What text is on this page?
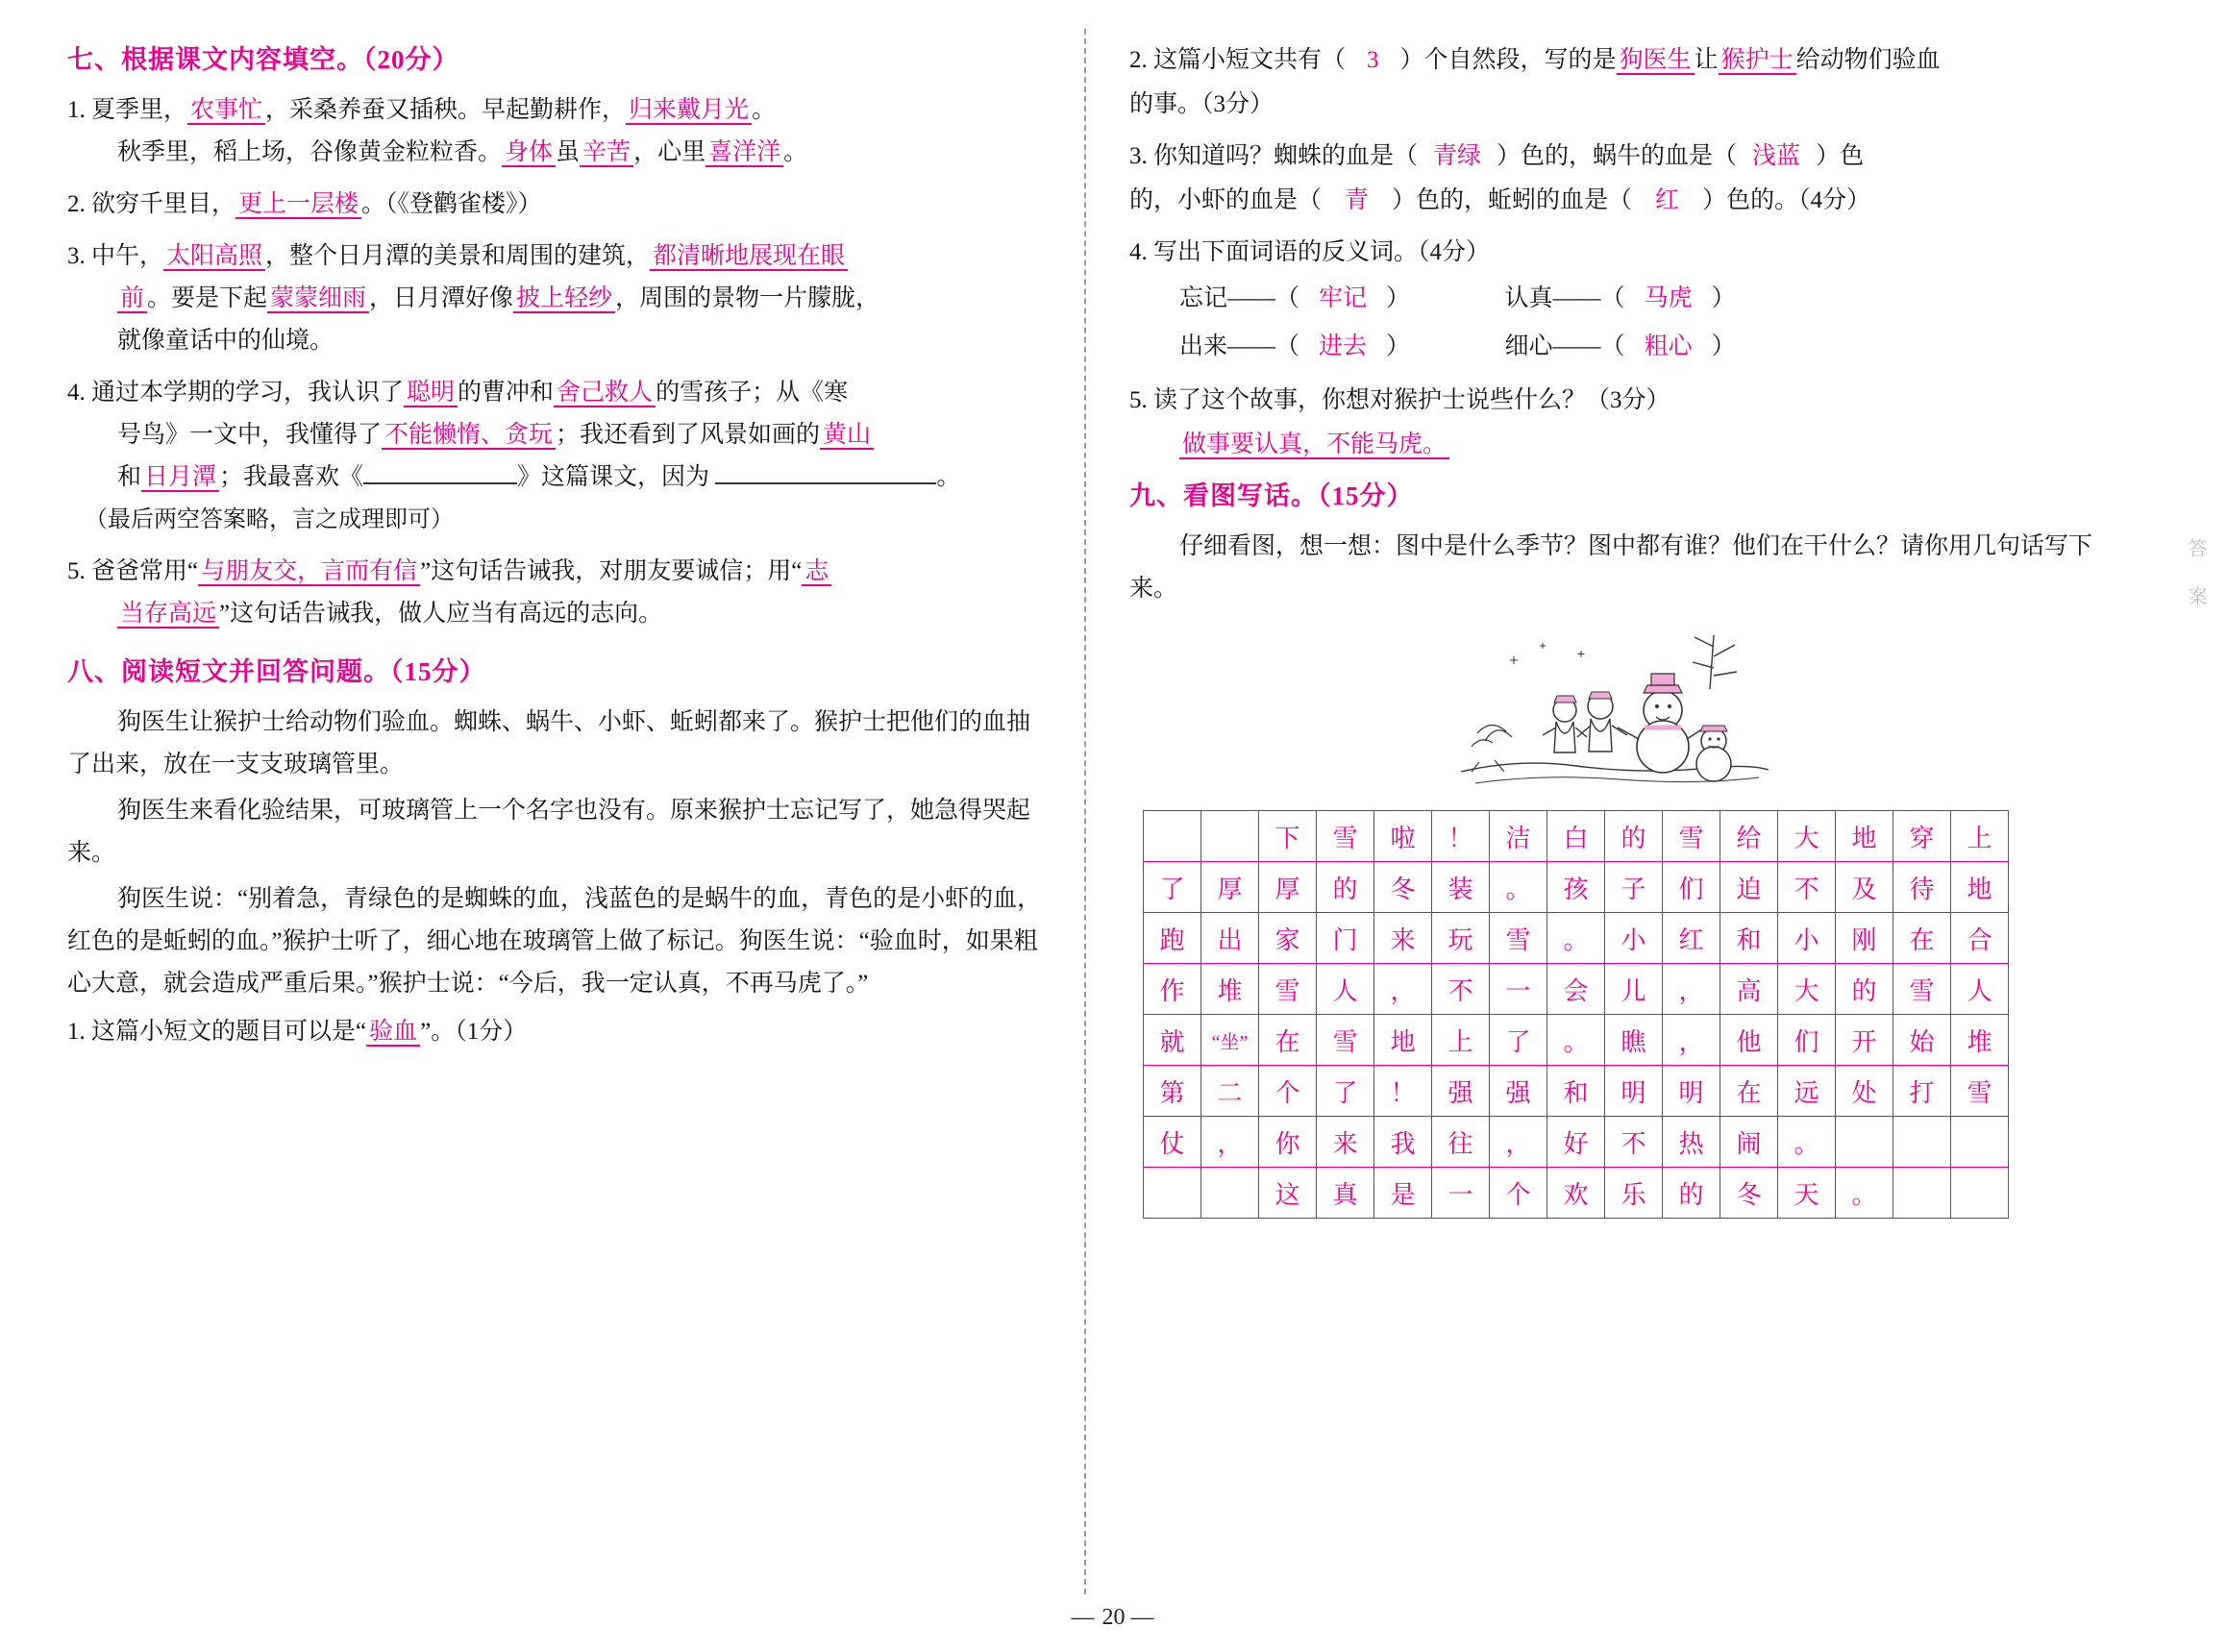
答案
七、根据课文内容填空。（20分）
1. 夏季里， 农事忙 ，采桑养蚕又插秧。早起勤耕作， 归来戴月光 。
秋季里，稻上场，谷像黄金粒粒香。 身体 虽 辛苦 ，心里 喜洋洋 。
2. 欲穷千里目， 更上一层楼 。（《登鹳雀楼》）
3. 中午， 太阳高照 ，整个日月潭的美景和周围的建筑， 都清晰地展现在眼
前 。要是下起 蒙蒙细雨 ，日月潭好像 披上轻纱 ，周围的景物一片朦胧，
就像童话中的仙境。
4. 通过本学期的学习，我认识了 聪明 的曹冲和 舍己救人 的雪孩子；从《寒
号鸟》一文中，我懂得了 不能懒惰、贪玩 ；我还看到了风景如画的 黄山
和 日月潭 ；我最喜欢《	》这篇课文，因为	。
（最后两空答案略，言之成理即可）
5. 爸爸常用“ 与朋友交，言而有信 ”这句话告诫我，对朋友要诚信；用“ 志
当存高远 ”这句话告诫我，做人应当有高远的志向。
八、阅读短文并回答问题。（15分）
狗医生让猴护士给动物们验血。蜘蛛、蜗牛、小虾、蚯蚓都来了。猴护士把他们的血抽了出来，放在一支支玻璃管里。
狗医生来看化验结果，可玻璃管上一个名字也没有。原来猴护士忘记写了，她急得哭起来。
狗医生说：“别着急，青绿色的是蜘蛛的血，浅蓝色的是蜗牛的血，青色的是小虾的血，红色的是蚯蚓的血。”猴护士听了，细心地在玻璃管上做了标记。狗医生说：“验血时，如果粗心大意，就会造成严重后果。”猴护士说：“今后，我一定认真，不再马虎了。”
1. 这篇小短文的题目可以是“ 验血 ”。（1分）
2. 这篇小短文共有（ 3 ）个自然段，写的是 狗医生 让 猴护士 给动物们验血
的事。（3分）
3. 你知道吗？蜘蛛的血是（ 青绿 ）色的，蜗牛的血是（ 浅蓝 ）色
的，小虾的血是（ 青 ）色的，蚯蚓的血是（ 红 ）色的。（4分）
4. 写出下面词语的反义词。（4分）
忘记——（ 牢记 ）	认真——（ 马虎 ）
出来——（ 进去 ）	细心——（ 粗心 ）
5. 读了这个故事，你想对猴护士说些什么？（3分）
做事要认真，不能马虎。
九、看图写话。（15分）
仔细看图，想一想：图中是什么季节？图中都有谁？他们在干什么？请你用几句话写下来。
		下	雪	啦	！	洁	白	的	雪	给	大	地	穿	上
了	厚	厚	的	冬	装	。	孩	子	们	迫	不	及	待	地
跑	出	家	门	来	玩	雪	。	小	红	和	小	刚	在	合
作	堆	雪	人	，	不	一	会	儿	，	高	大	的	雪	人
就	“坐”	在	雪	地	上	了	。	瞧	，	他	们	开	始	堆
第	二	个	了	！	强	强	和	明	明	在	远	处	打	雪
仗	，	你	来	我	往	，	好	不	热	闹	。			
		这	真	是	一	个	欢	乐	的	冬	天	。		
— 20 —
